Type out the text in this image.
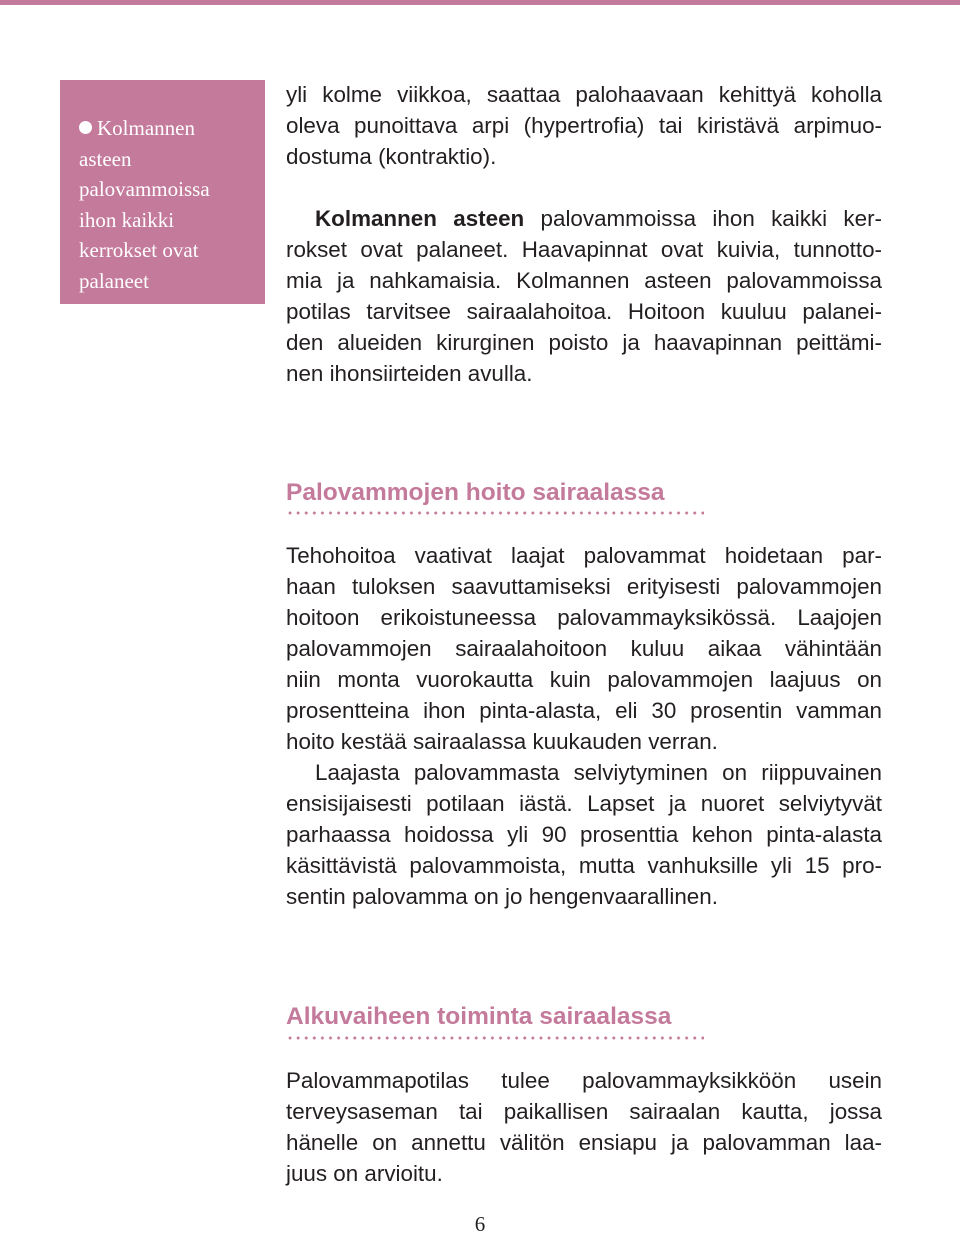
Kolmannen
asteen
palovammoissa
ihon kaikki
kerrokset ovat
palaneet

yli kolme viikkoa, saattaa palohaavaan kehittyä koholla
oleva punoittava arpi (hypertrofia) tai kiristävä arpimuo-
dostuma (kontraktio).

Kolmannen asteen palovammoissa ihon kaikki ker-
rokset ovat palaneet. Haavapinnat ovat kuivia, tunnotto-
mia ja nahkamaisia. Kolmannen asteen palovammoissa
potilas tarvitsee sairaalahoitoa. Hoitoon kuuluu palanei-
den alueiden kirurginen poisto ja haavapinnan peittämi-
nen ihonsiirteiden avulla.

Palovammojen hoito sairaalassa

Tehohoitoa vaativat laajat palovammat hoidetaan par-
haan tuloksen saavuttamiseksi erityisesti palovammojen
hoitoon erikoistuneessa palovammayksikössä. Laajojen
palovammojen sairaalahoitoon kuluu aikaa vähintään
niin monta vuorokautta kuin palovammojen laajuus on
prosentteina ihon pinta-alasta, eli 30 prosentin vamman
hoito kestää sairaalassa kuukauden verran.

Laajasta palovammasta selviytyminen on riippuvainen
ensisijaisesti potilaan iästä. Lapset ja nuoret selviytyvät
parhaassa hoidossa yli 90 prosenttia kehon pinta-alasta
käsittävistä palovammoista, mutta vanhuksille yli 15 pro-
sentin palovamma on jo hengenvaarallinen.

Alkuvaiheen toiminta sairaalassa

Palovammapotilas tulee palovammayksikköön usein
terveysaseman tai paikallisen sairaalan kautta, jossa
hänelle on annettu välitön ensiapu ja palovamman laa-
juus on arvioitu.

6
